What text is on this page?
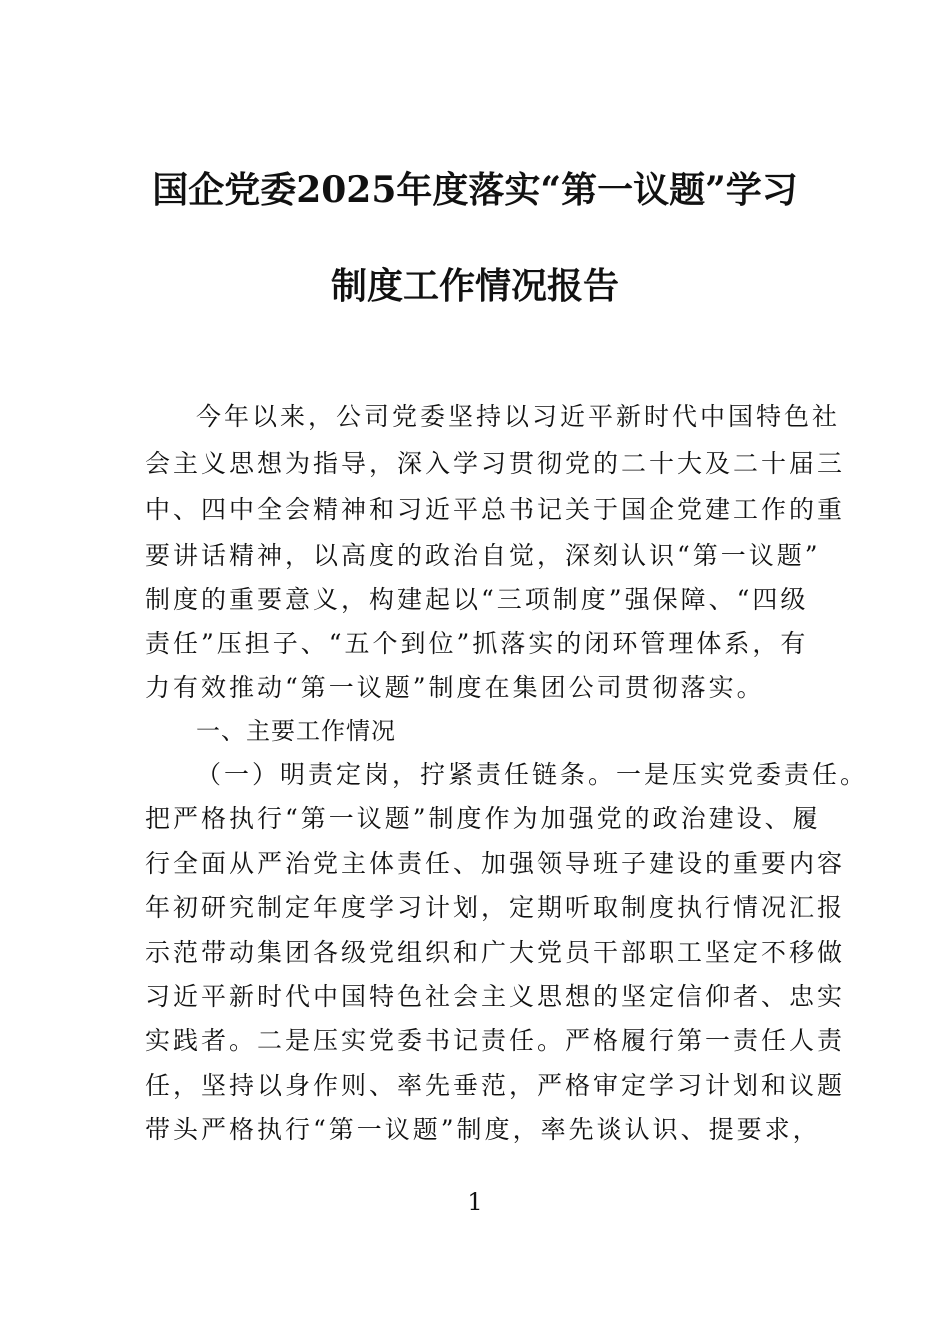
国企党委2025年度落实“第一议题”学习
制度工作情况报告
今年以来，公司党委坚持以习近平新时代中国特色社
会主义思想为指导，深入学习贯彻党的二十大及二十届三
中、四中全会精神和习近平总书记关于国企党建工作的重
要讲话精神，以高度的政治自觉，深刻认识“第一议题”
制度的重要意义，构建起以“三项制度”强保障、“四级
责任”压担子、“五个到位”抓落实的闭环管理体系，有
力有效推动“第一议题”制度在集团公司贯彻落实。
一、主要工作情况
（一）明责定岗，拧紧责任链条。一是压实党委责任。
把严格执行“第一议题”制度作为加强党的政治建设、履
行全面从严治党主体责任、加强领导班子建设的重要内容
年初研究制定年度学习计划，定期听取制度执行情况汇报
示范带动集团各级党组织和广大党员干部职工坚定不移做
习近平新时代中国特色社会主义思想的坚定信仰者、忠实
实践者。二是压实党委书记责任。严格履行第一责任人责
任，坚持以身作则、率先垂范，严格审定学习计划和议题
带头严格执行“第一议题”制度，率先谈认识、提要求，
1
